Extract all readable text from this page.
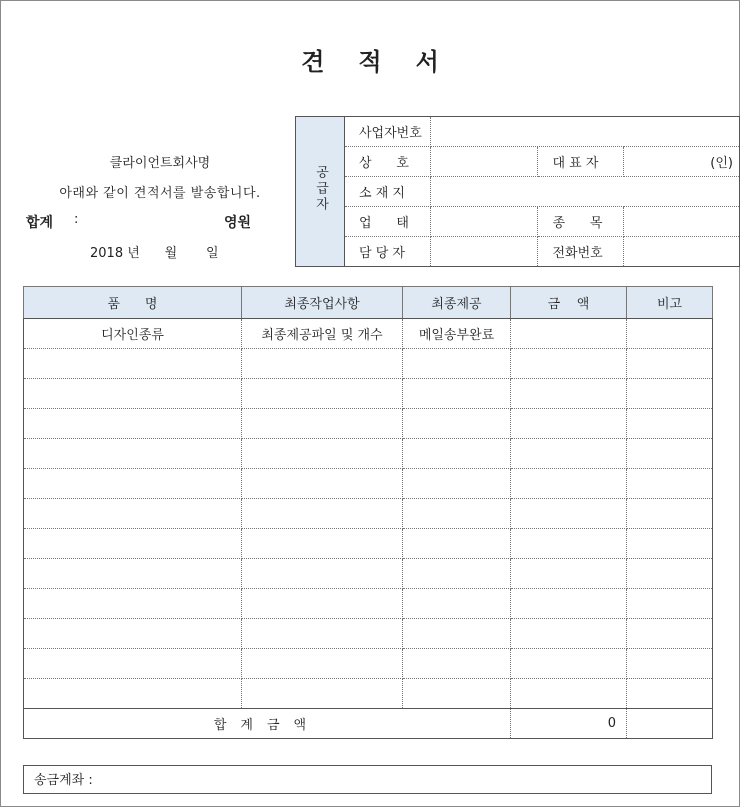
견적서
클라이언트회사명
아래와 같이 견적서를 발송합니다.
합계 :	영원
2018 년      월       일
공급자	사업자번호			
	상      호		대 표 자	(인)
	소 재 지			
	업      태		종      목	
	담 당 자		전화번호	
품      명	최종작업사항	최종제공	금    액	비고
디자인종류	최종제공파일 및 개수	메일송부완료		

합계금액			0	
송금계좌 :
